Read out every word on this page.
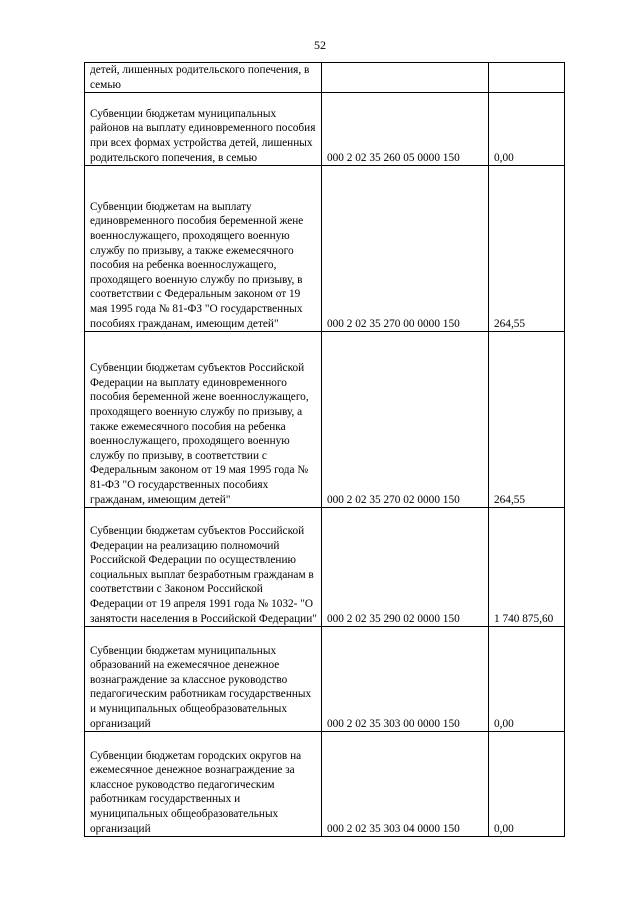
52
детей, лишенных родительского попечения, в семью		
Субвенции бюджетам муниципальных районов на выплату единовременного пособия при всех формах устройства детей, лишенных родительского попечения, в семью	000 2 02 35 260 05 0000 150	0,00
Субвенции бюджетам на выплату единовременного пособия беременной жене военнослужащего, проходящего военную службу по призыву, а также ежемесячного пособия на ребенка военнослужащего, проходящего военную службу по призыву, в соответствии с Федеральным законом от 19 мая 1995 года № 81-ФЗ "О государственных пособиях гражданам, имеющим детей"	000 2 02 35 270 00 0000 150	264,55
Субвенции бюджетам субъектов Российской Федерации на выплату единовременного пособия беременной жене военнослужащего, проходящего военную службу по призыву, а также ежемесячного пособия на ребенка военнослужащего, проходящего военную службу по призыву, в соответствии с Федеральным законом от 19 мая 1995 года № 81-ФЗ "О государственных пособиях гражданам, имеющим детей"	000 2 02 35 270 02 0000 150	264,55
Субвенции бюджетам субъектов Российской Федерации на реализацию полномочий Российской Федерации по осуществлению социальных выплат безработным гражданам в соответствии с Законом Российской Федерации от 19 апреля 1991 года № 1032- "О занятости населения в Российской Федерации"	000 2 02 35 290 02 0000 150	1 740 875,60
Субвенции бюджетам муниципальных образований на ежемесячное денежное вознаграждение за классное руководство педагогическим работникам государственных и муниципальных общеобразовательных организаций	000 2 02 35 303 00 0000 150	0,00
Субвенции бюджетам городских округов на ежемесячное денежное вознаграждение за классное руководство педагогическим работникам государственных и муниципальных общеобразовательных организаций	000 2 02 35 303 04 0000 150	0,00
